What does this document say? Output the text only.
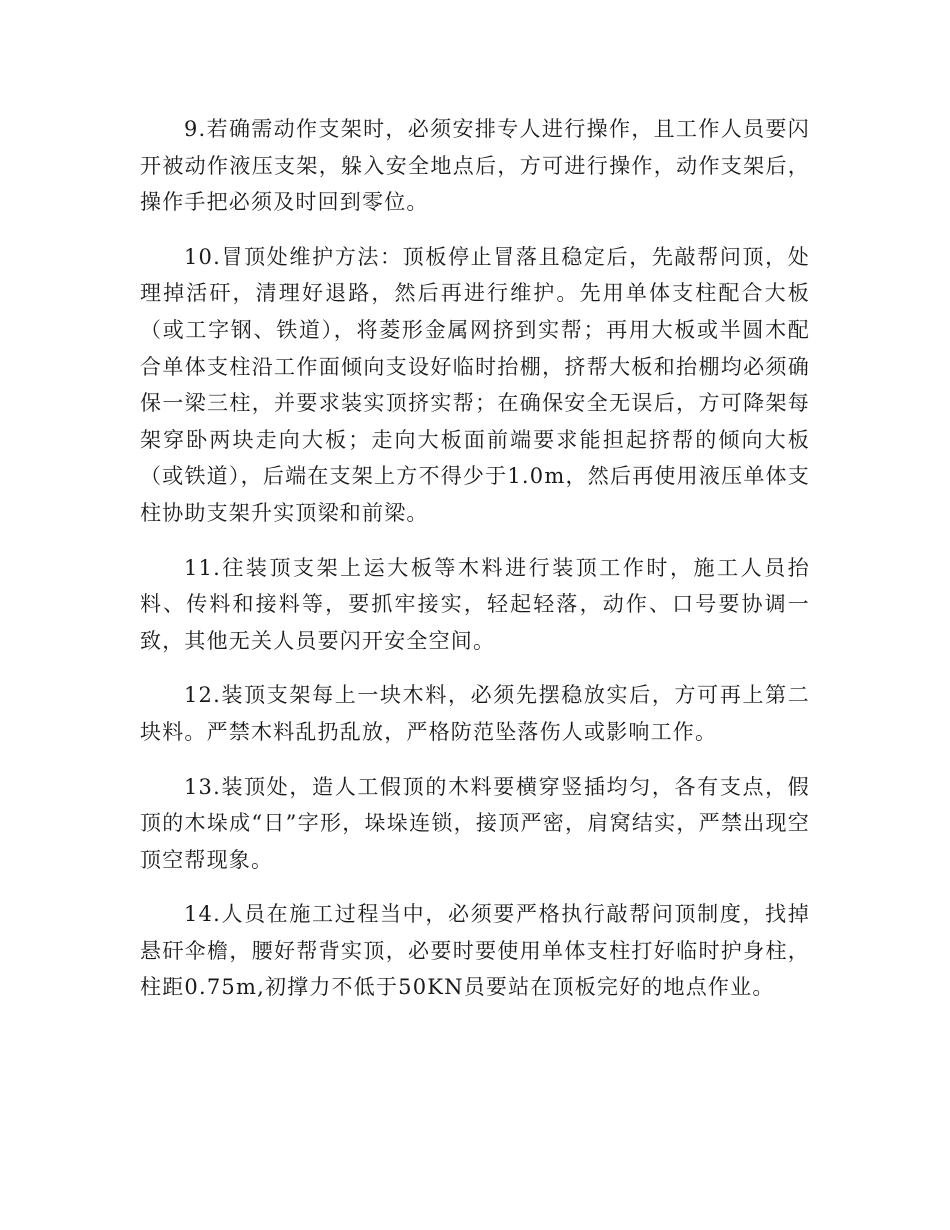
9.若确需动作支架时，必须安排专人进行操作，且工作人员要闪开被动作液压支架，躲入安全地点后，方可进行操作，动作支架后，操作手把必须及时回到零位。

10.冒顶处维护方法：顶板停止冒落且稳定后，先敲帮问顶，处理掉活矸，清理好退路，然后再进行维护。先用单体支柱配合大板（或工字钢、铁道），将菱形金属网挤到实帮；再用大板或半圆木配合单体支柱沿工作面倾向支设好临时抬棚，挤帮大板和抬棚均必须确保一梁三柱，并要求装实顶挤实帮；在确保安全无误后，方可降架每架穿卧两块走向大板；走向大板面前端要求能担起挤帮的倾向大板（或铁道），后端在支架上方不得少于1.0m，然后再使用液压单体支柱协助支架升实顶梁和前梁。

11.往装顶支架上运大板等木料进行装顶工作时，施工人员抬料、传料和接料等，要抓牢接实，轻起轻落，动作、口号要协调一致，其他无关人员要闪开安全空间。

12.装顶支架每上一块木料，必须先摆稳放实后，方可再上第二块料。严禁木料乱扔乱放，严格防范坠落伤人或影响工作。

13.装顶处，造人工假顶的木料要横穿竖插均匀，各有支点，假顶的木垛成“日”字形，垛垛连锁，接顶严密，肩窝结实，严禁出现空顶空帮现象。

14.人员在施工过程当中，必须要严格执行敲帮问顶制度，找掉悬矸伞檐，腰好帮背实顶，必要时要使用单体支柱打好临时护身柱，柱距0.75m,初撑力不低于50KN员要站在顶板完好的地点作业。
